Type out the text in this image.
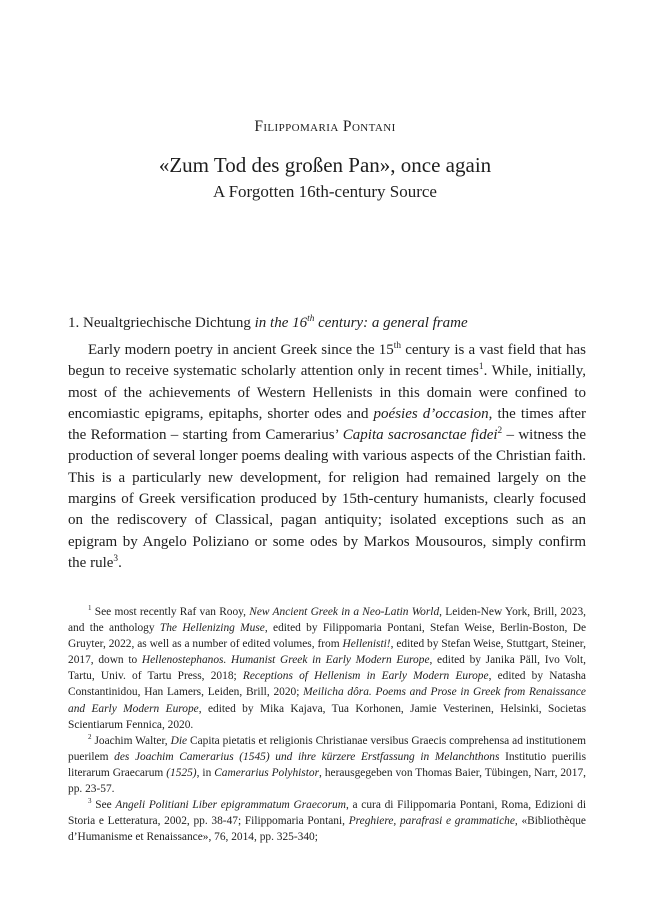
Filippomaria Pontani
«Zum Tod des großen Pan», once again
A Forgotten 16th-century Source
1. Neualtgriechische Dichtung in the 16th century: a general frame

Early modern poetry in ancient Greek since the 15th century is a vast field that has begun to receive systematic scholarly attention only in recent times$^1$. While, initially, most of the achievements of Western Hellenists in this domain were confined to encomiastic epigrams, epitaphs, shorter odes and poésies d’occasion, the times after the Reformation – starting from Camerarius’ Capita sacrosanctae fidei$^2$ – witness the production of several longer poems dealing with various aspects of the Christian faith. This is a particularly new development, for religion had remained largely on the margins of Greek versification produced by 15th-century humanists, clearly focused on the rediscovery of Classical, pagan antiquity; isolated exceptions such as an epigram by Angelo Poliziano or some odes by Markos Mousouros, simply confirm the rule$^3$.

$^1$ See most recently Raf van Rooy, New Ancient Greek in a Neo-Latin World, Leiden-New York, Brill, 2023, and the anthology The Hellenizing Muse, edited by Filippomaria Pontani, Stefan Weise, Berlin-Boston, De Gruyter, 2022, as well as a number of edited volumes, from Hellenisti!, edited by Stefan Weise, Stuttgart, Steiner, 2017, down to Hellenostephanos. Humanist Greek in Early Modern Europe, edited by Janika Päll, Ivo Volt, Tartu, Univ. of Tartu Press, 2018; Receptions of Hellenism in Early Modern Europe, edited by Natasha Constantinidou, Han Lamers, Leiden, Brill, 2020; Meilicha dôra. Poems and Prose in Greek from Renaissance and Early Modern Europe, edited by Mika Kajava, Tua Korhonen, Jamie Vesterinen, Helsinki, Societas Scientiarum Fennica, 2020.

$^2$ Joachim Walter, Die Capita pietatis et religionis Christianae versibus Graecis comprehensa ad institutionem puerilem des Joachim Camerarius (1545) und ihre kürzere Erstfassung in Melanchthons Institutio puerilis literarum Graecarum (1525), in Camerarius Polyhistor, herausgegeben von Thomas Baier, Tübingen, Narr, 2017, pp. 23-57.

$^3$ See Angeli Politiani Liber epigrammatum Graecorum, a cura di Filippomaria Pontani, Roma, Edizioni di Storia e Letteratura, 2002, pp. 38-47; Filippomaria Pontani, Preghiere, parafrasi e grammatiche, «Bibliothèque d’Humanisme et Renaissance», 76, 2014, pp. 325-340;
